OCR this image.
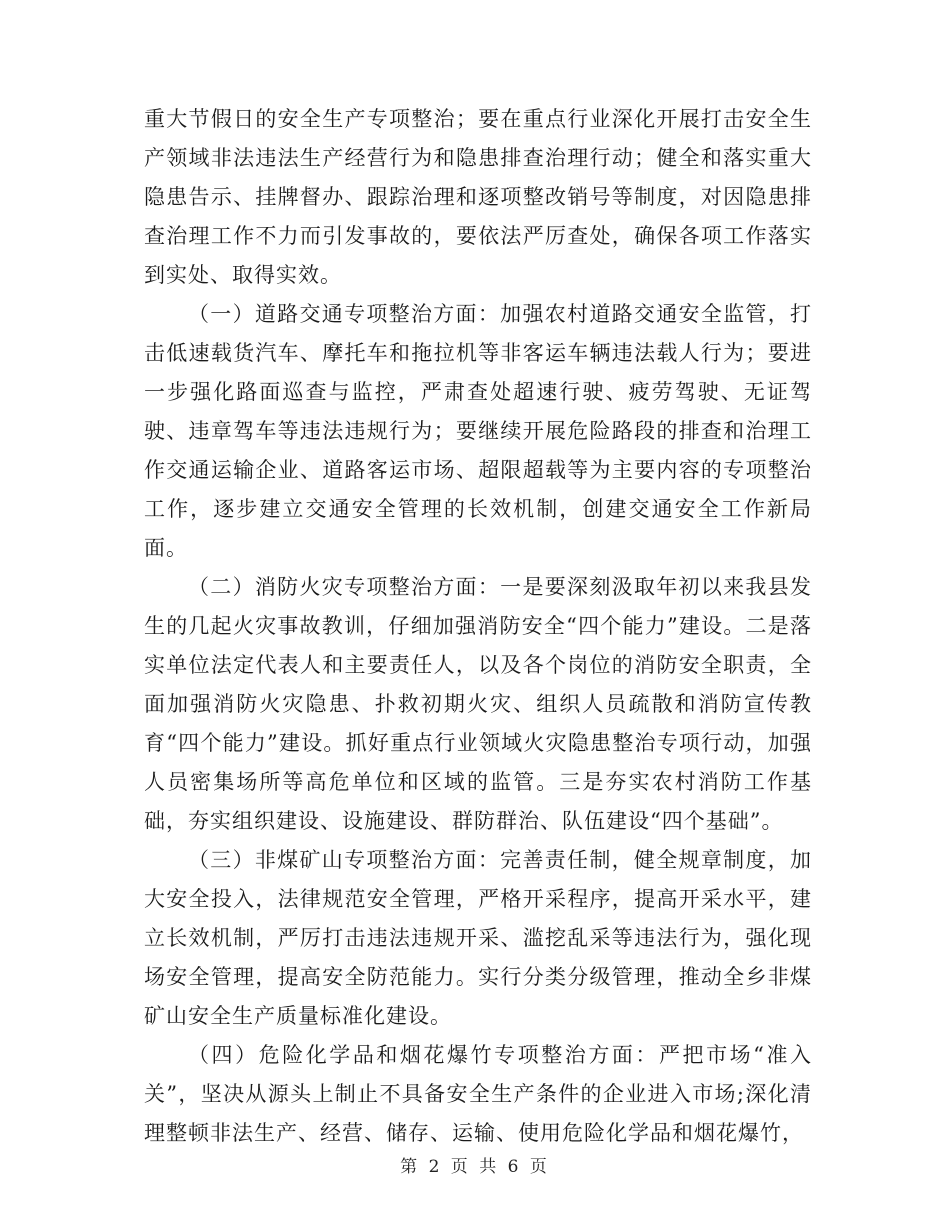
重大节假日的安全生产专项整治；要在重点行业深化开展打击安全生产领域非法违法生产经营行为和隐患排查治理行动；健全和落实重大隐患告示、挂牌督办、跟踪治理和逐项整改销号等制度，对因隐患排查治理工作不力而引发事故的，要依法严厉查处，确保各项工作落实到实处、取得实效。

（一）道路交通专项整治方面：加强农村道路交通安全监管，打击低速载货汽车、摩托车和拖拉机等非客运车辆违法载人行为；要进一步强化路面巡查与监控，严肃查处超速行驶、疲劳驾驶、无证驾驶、违章驾车等违法违规行为；要继续开展危险路段的排查和治理工作交通运输企业、道路客运市场、超限超载等为主要内容的专项整治工作，逐步建立交通安全管理的长效机制，创建交通安全工作新局面。

（二）消防火灾专项整治方面：一是要深刻汲取年初以来我县发生的几起火灾事故教训，仔细加强消防安全“四个能力”建设。二是落实单位法定代表人和主要责任人，以及各个岗位的消防安全职责，全面加强消防火灾隐患、扑救初期火灾、组织人员疏散和消防宣传教育“四个能力”建设。抓好重点行业领域火灾隐患整治专项行动，加强人员密集场所等高危单位和区域的监管。三是夯实农村消防工作基础，夯实组织建设、设施建设、群防群治、队伍建设“四个基础”。

（三）非煤矿山专项整治方面：完善责任制，健全规章制度，加大安全投入，法律规范安全管理，严格开采程序，提高开采水平，建立长效机制，严厉打击违法违规开采、滥挖乱采等违法行为，强化现场安全管理，提高安全防范能力。实行分类分级管理，推动全乡非煤矿山安全生产质量标准化建设。

（四）危险化学品和烟花爆竹专项整治方面：严把市场“准入关”，坚决从源头上制止不具备安全生产条件的企业进入市场;深化清理整顿非法生产、经营、储存、运输、使用危险化学品和烟花爆竹，

第 2 页 共 6 页
